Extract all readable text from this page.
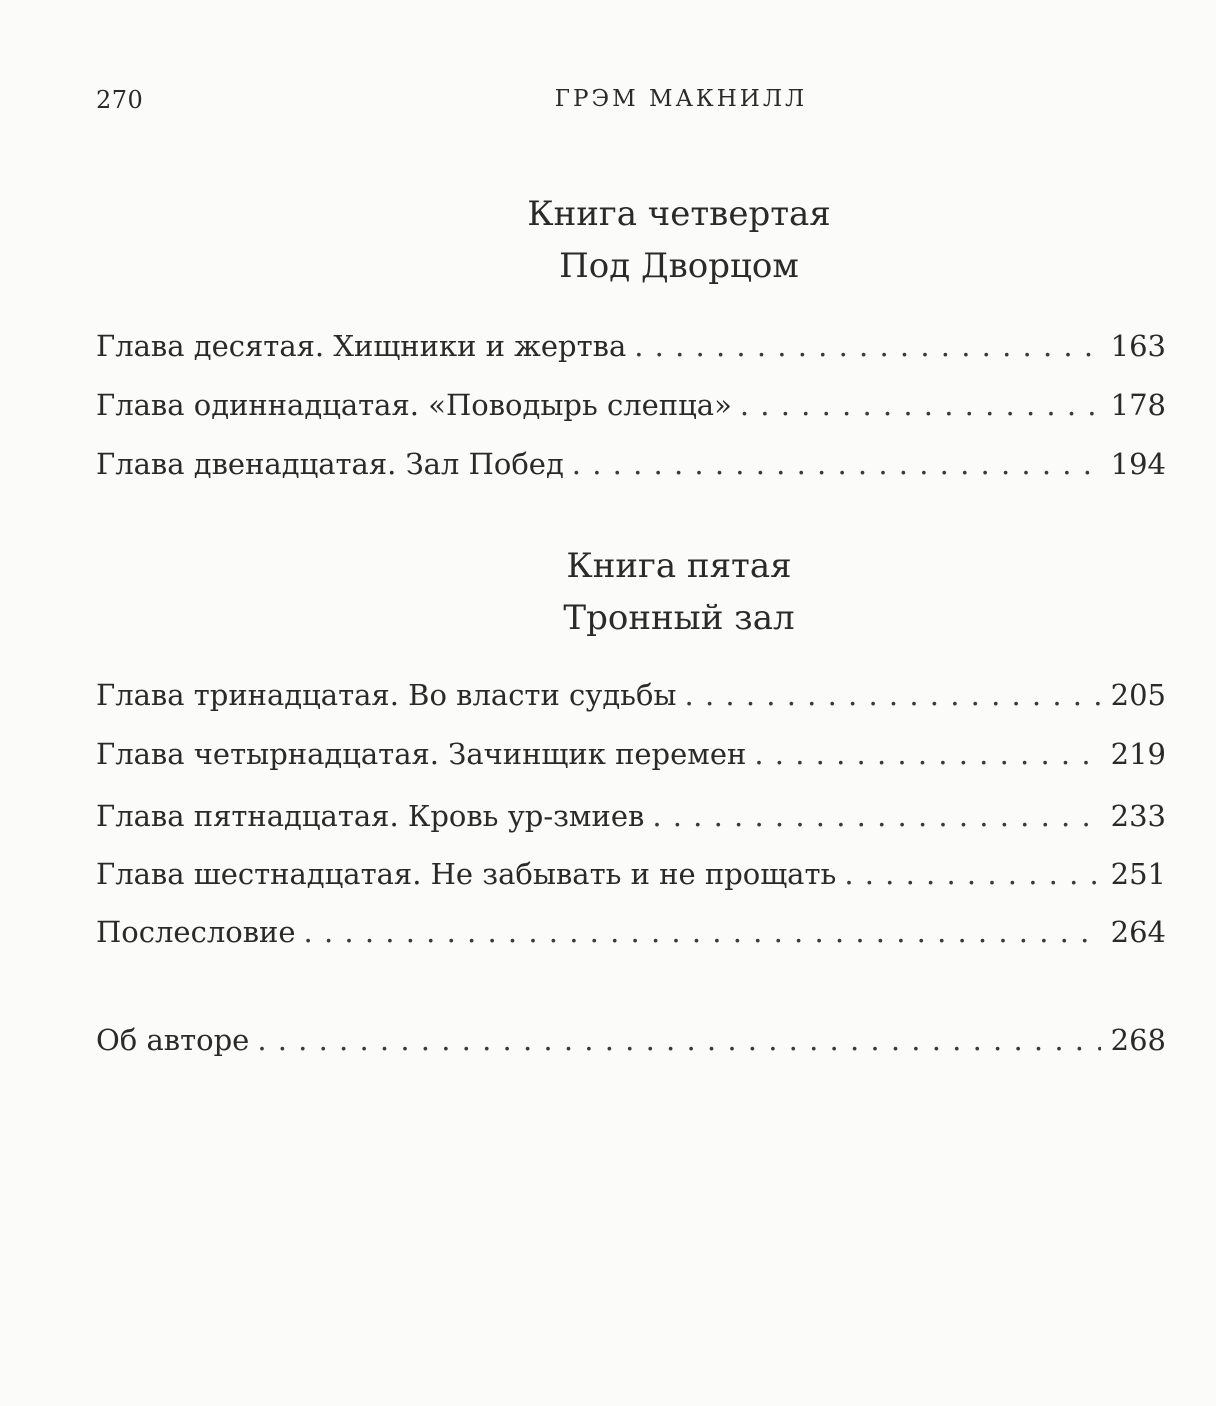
270	ГРЭМ МАКНИЛЛ
Книга четвертая
Под Дворцом
Глава десятая. Хищники и жертва . . .	163
Глава одиннадцатая. «Поводырь слепца» . . .	178
Глава двенадцатая. Зал Побед . . .	194
Книга пятая
Тронный зал
Глава тринадцатая. Во власти судьбы . . .	205
Глава четырнадцатая. Зачинщик перемен . . .	219
Глава пятнадцатая. Кровь ур-змиев . . .	233
Глава шестнадцатая. Не забывать и не прощать . . .	251
Послесловие . . .	264
Об авторе . . .	268
